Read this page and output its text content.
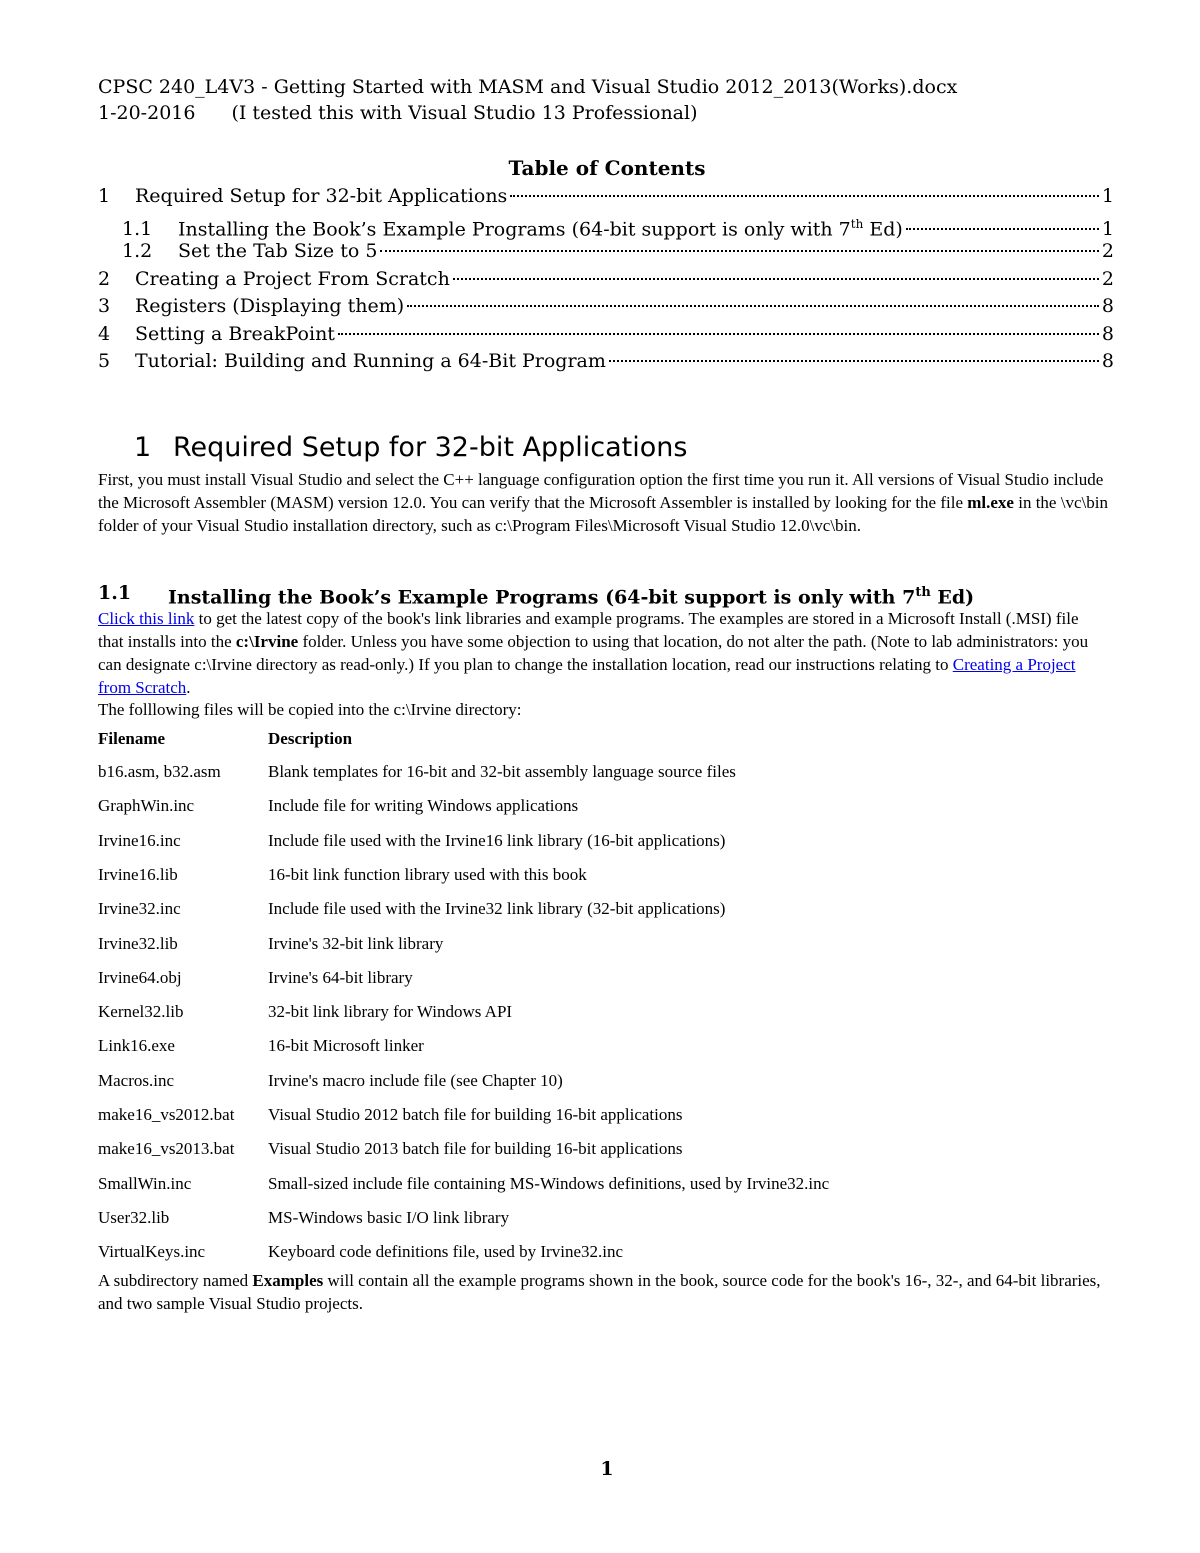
CPSC 240_L4V3 - Getting Started with MASM and Visual Studio 2012_2013(Works).docx
1-20-2016 (I tested this with Visual Studio 13 Professional)
Table of Contents
1	Required Setup for 32-bit Applications	1
1.1	Installing the Book’s Example Programs (64-bit support is only with 7th Ed)	1
1.2	Set the Tab Size to 5	2
2	Creating a Project From Scratch	2
3	Registers (Displaying them)	8
4	Setting a BreakPoint	8
5	Tutorial: Building and Running a 64-Bit Program	8
1 Required Setup for 32-bit Applications
First, you must install Visual Studio and select the C++ language configuration option the first time you run it. All versions of Visual Studio include the Microsoft Assembler (MASM) version 12.0. You can verify that the Microsoft Assembler is installed by looking for the file ml.exe in the \vc\bin folder of your Visual Studio installation directory, such as c:\Program Files\Microsoft Visual Studio 12.0\vc\bin.
1.1 Installing the Book’s Example Programs (64-bit support is only with 7th Ed)
Click this link to get the latest copy of the book's link libraries and example programs. The examples are stored in a Microsoft Install (.MSI) file that installs into the c:\Irvine folder. Unless you have some objection to using that location, do not alter the path. (Note to lab administrators: you can designate c:\Irvine directory as read-only.) If you plan to change the installation location, read our instructions relating to Creating a Project from Scratch.
The folllowing files will be copied into the c:\Irvine directory:
Filename	Description
b16.asm, b32.asm	Blank templates for 16-bit and 32-bit assembly language source files
GraphWin.inc	Include file for writing Windows applications
Irvine16.inc	Include file used with the Irvine16 link library (16-bit applications)
Irvine16.lib	16-bit link function library used with this book
Irvine32.inc	Include file used with the Irvine32 link library (32-bit applications)
Irvine32.lib	Irvine's 32-bit link library
Irvine64.obj	Irvine's 64-bit library
Kernel32.lib	32-bit link library for Windows API
Link16.exe	16-bit Microsoft linker
Macros.inc	Irvine's macro include file (see Chapter 10)
make16_vs2012.bat	Visual Studio 2012 batch file for building 16-bit applications
make16_vs2013.bat	Visual Studio 2013 batch file for building 16-bit applications
SmallWin.inc	Small-sized include file containing MS-Windows definitions, used by Irvine32.inc
User32.lib	MS-Windows basic I/O link library
VirtualKeys.inc	Keyboard code definitions file, used by Irvine32.inc
A subdirectory named Examples will contain all the example programs shown in the book, source code for the book's 16-, 32-, and 64-bit libraries, and two sample Visual Studio projects.
1
